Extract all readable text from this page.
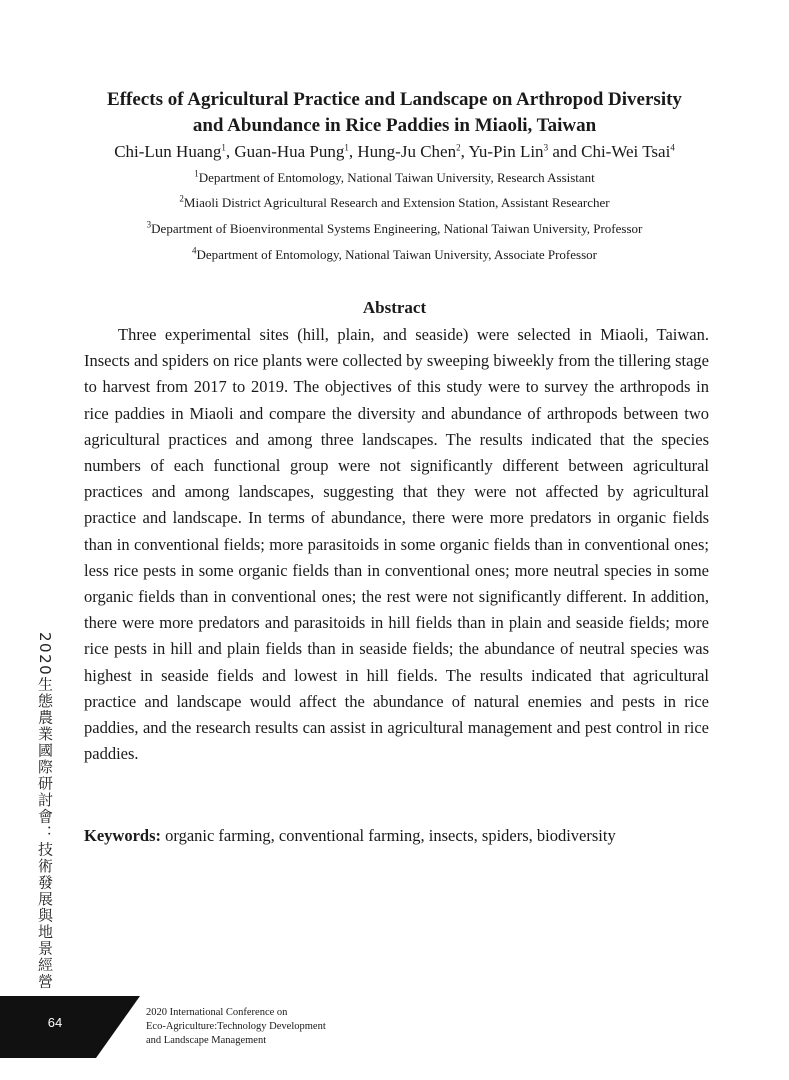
Effects of Agricultural Practice and Landscape on Arthropod Diversity
and Abundance in Rice Paddies in Miaoli, Taiwan

Chi-Lun Huang$^1$, Guan-Hua Pung$^1$, Hung-Ju Chen$^2$, Yu-Pin Lin$^3$ and Chi-Wei Tsai$^4$

$^1$Department of Entomology, National Taiwan University, Research Assistant

$^2$Miaoli District Agricultural Research and Extension Station, Assistant Researcher

$^3$Department of Bioenvironmental Systems Engineering, National Taiwan University, Professor

$^4$Department of Entomology, National Taiwan University, Associate Professor

Abstract

Three experimental sites (hill, plain, and seaside) were selected in Miaoli, Taiwan. Insects and spiders on rice plants were collected by sweeping biweekly from the tillering stage to harvest from 2017 to 2019. The objectives of this study were to survey the arthropods in rice paddies in Miaoli and compare the diversity and abundance of arthropods between two agricultural practices and among three landscapes. The results indicated that the species numbers of each functional group were not significantly different between agricultural practices and among landscapes, suggesting that they were not affected by agricultural practice and landscape. In terms of abundance, there were more predators in organic fields than in conventional fields; more parasitoids in some organic fields than in conventional ones; less rice pests in some organic fields than in conventional ones; more neutral species in some organic fields than in conventional ones; the rest were not significantly different. In addition, there were more predators and parasitoids in hill fields than in plain and seaside fields; more rice pests in hill and plain fields than in seaside fields; the abundance of neutral species was highest in seaside fields and lowest in hill fields. The results indicated that agricultural practice and landscape would affect the abundance of natural enemies and pests in rice paddies, and the research results can assist in agricultural management and pest control in rice paddies.

Keywords: organic farming, conventional farming, insects, spiders, biodiversity

2020生態農業國際研討會：技術發展與地景經營
64
2020 International Conference on
Eco-Agriculture:Technology Development
and Landscape Management
